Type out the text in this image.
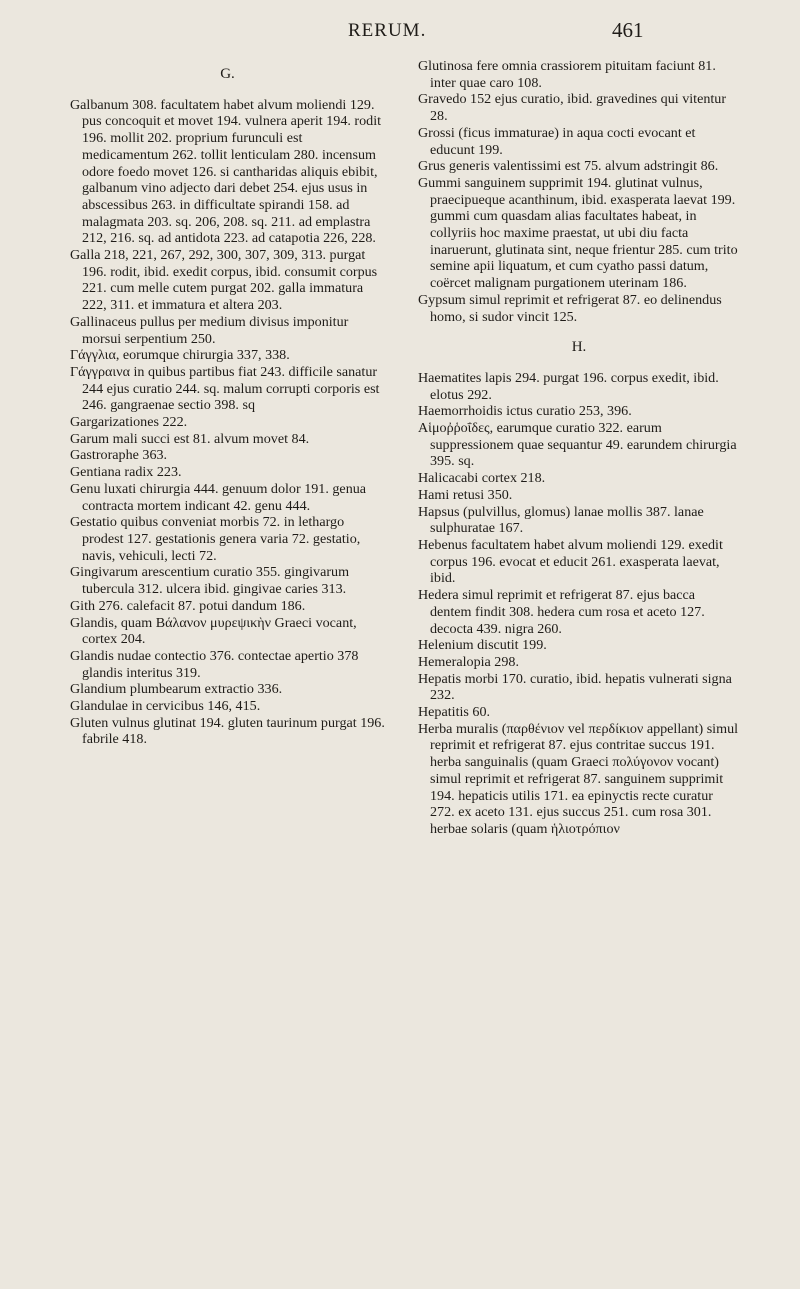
RERUM.	461
G.

Galbanum 308. facultatem habet alvum moliendi 129. pus concoquit et movet 194. vulnera aperit 194. rodit 196. mollit 202. proprium furunculi est medicamentum 262. tollit lenticulam 280. incensum odore foedo movet 126. si cantharidas aliquis ebibit, galbanum vino adjecto dari debet 254. ejus usus in abscessibus 263. in difficultate spirandi 158. ad malagmata 203. sq. 206, 208. sq. 211. ad emplastra 212, 216. sq. ad antidota 223. ad catapotia 226, 228.

Galla 218, 221, 267, 292, 300, 307, 309, 313. purgat 196. rodit, ibid. exedit corpus, ibid. consumit corpus 221. cum melle cutem purgat 202. galla immatura 222, 311. et immatura et altera 203.

Gallinaceus pullus per medium divisus imponitur morsui serpentium 250.

Γάγγλια, eorumque chirurgia 337, 338.

Γάγγραινα in quibus partibus fiat 243. difficile sanatur 244 ejus curatio 244. sq. malum corrupti corporis est 246. gangraenae sectio 398. sq

Gargarizationes 222.

Garum mali succi est 81. alvum movet 84.

Gastroraphe 363.

Gentiana radix 223.

Genu luxati chirurgia 444. genuum dolor 191. genua contracta mortem indicant 42. genu 444.

Gestatio quibus conveniat morbis 72. in lethargo prodest 127. gestationis genera varia 72. gestatio, navis, vehiculi, lecti 72.

Gingivarum arescentium curatio 355. gingivarum tubercula 312. ulcera ibid. gingivae caries 313.

Gith 276. calefacit 87. potui dandum 186.

Glandis, quam Βάλανον μυρεψικὴν Graeci vocant, cortex 204.

Glandis nudae contectio 376. contectae apertio 378 glandis interitus 319.

Glandium plumbearum extractio 336.

Glandulae in cervicibus 146, 415.

Gluten vulnus glutinat 194. gluten taurinum purgat 196. fabrile 418.

Glutinosa fere omnia crassiorem pituitam faciunt 81. inter quae caro 108.

Gravedo 152 ejus curatio, ibid. gravedines qui vitentur 28.

Grossi (ficus immaturae) in aqua cocti evocant et educunt 199.

Grus generis valentissimi est 75. alvum adstringit 86.

Gummi sanguinem supprimit 194. glutinat vulnus, praecipueque acanthinum, ibid. exasperata laevat 199. gummi cum quasdam alias facultates habeat, in collyriis hoc maxime praestat, ut ubi diu facta inaruerunt, glutinata sint, neque frientur 285. cum trito semine apii liquatum, et cum cyatho passi datum, coërcet malignam purgationem uterinam 186.

Gypsum simul reprimit et refrigerat 87. eo delinendus homo, si sudor vincit 125.

H.

Haematites lapis 294. purgat 196. corpus exedit, ibid. elotus 292.

Haemorrhoidis ictus curatio 253, 396.

Αἱμοῤῥοΐδες, earumque curatio 322. earum suppressionem quae sequantur 49. earundem chirurgia 395. sq.

Halicacabi cortex 218.

Hami retusi 350.

Hapsus (pulvillus, glomus) lanae mollis 387. lanae sulphuratae 167.

Hebenus facultatem habet alvum moliendi 129. exedit corpus 196. evocat et educit 261. exasperata laevat, ibid.

Hedera simul reprimit et refrigerat 87. ejus bacca dentem findit 308. hedera cum rosa et aceto 127. decocta 439. nigra 260.

Helenium discutit 199.

Hemeralopia 298.

Hepatis morbi 170. curatio, ibid. hepatis vulnerati signa 232.

Hepatitis 60.

Herba muralis (παρθένιον vel περδίκιον appellant) simul reprimit et refrigerat 87. ejus contritae succus 191. herba sanguinalis (quam Graeci πολύγονον vocant) simul reprimit et refrigerat 87. sanguinem supprimit 194. hepaticis utilis 171. ea epinyctis recte curatur 272. ex aceto 131. ejus succus 251. cum rosa 301. herbae solaris (quam ἡλιοτρόπιον
